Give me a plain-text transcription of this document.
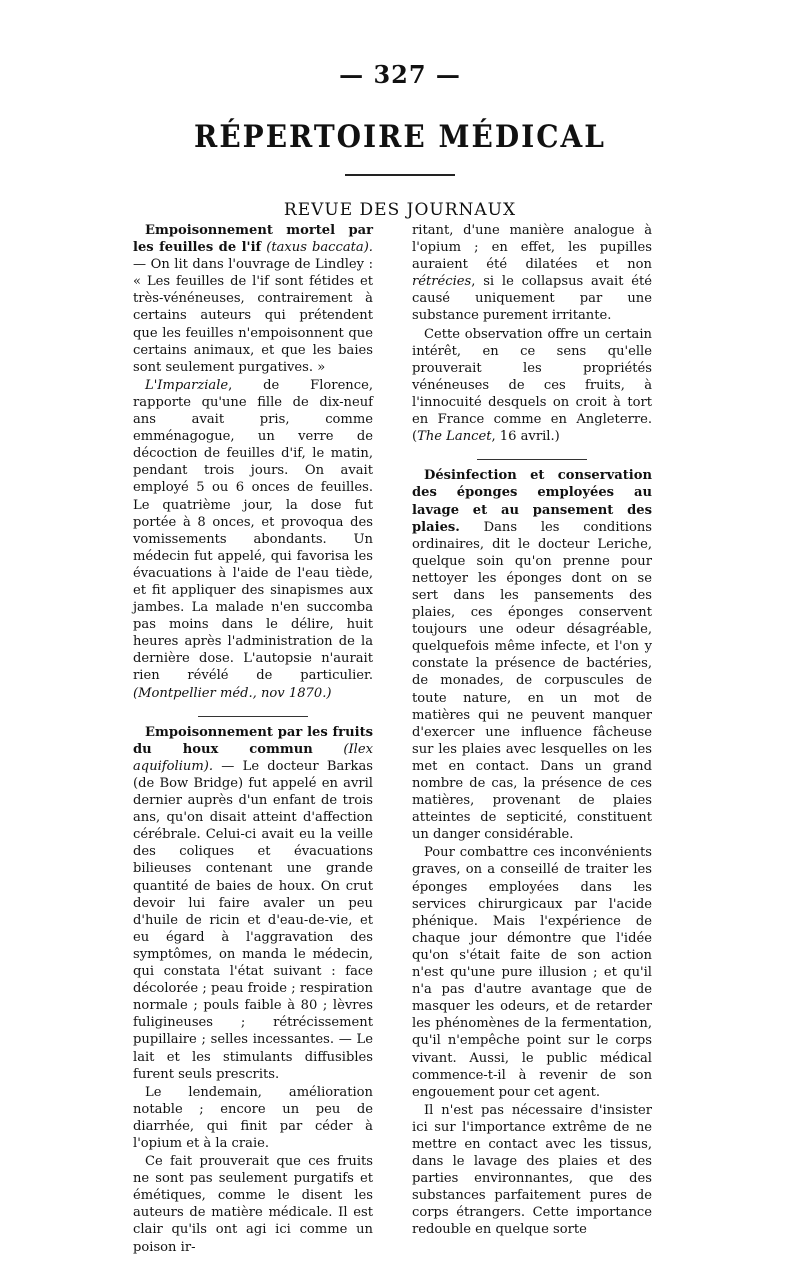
— 327 —
RÉPERTOIRE MÉDICAL
REVUE DES JOURNAUX

Empoisonnement mortel par les feuilles de l'if (taxus baccata). — On lit dans l'ouvrage de Lindley : « Les feuilles de l'if sont fétides et très-vénéneuses, contrairement à certains auteurs qui prétendent que les feuilles n'empoisonnent que certains animaux, et que les baies sont seulement purgatives. »

L'Imparziale, de Florence, rapporte qu'une fille de dix-neuf ans avait pris, comme emménagogue, un verre de décoction de feuilles d'if, le matin, pendant trois jours. On avait employé 5 ou 6 onces de feuilles. Le quatrième jour, la dose fut portée à 8 onces, et provoqua des vomissements abondants. Un médecin fut appelé, qui favorisa les évacuations à l'aide de l'eau tiède, et fit appliquer des sinapismes aux jambes. La malade n'en succomba pas moins dans le délire, huit heures après l'administration de la dernière dose. L'autopsie n'aurait rien révélé de particulier. (Montpellier méd., nov 1870.)

Empoisonnement par les fruits du houx commun (Ilex aquifolium). — Le docteur Barkas (de Bow Bridge) fut appelé en avril dernier auprès d'un enfant de trois ans, qu'on disait atteint d'affection cérébrale. Celui-ci avait eu la veille des coliques et évacuations bilieuses contenant une grande quantité de baies de houx. On crut devoir lui faire avaler un peu d'huile de ricin et d'eau-de-vie, et eu égard à l'aggravation des symptômes, on manda le médecin, qui constata l'état suivant : face décolorée ; peau froide ; respiration normale ; pouls faible à 80 ; lèvres fuligineuses ; rétrécissement pupillaire ; selles incessantes. — Le lait et les stimulants diffusibles furent seuls prescrits.

Le lendemain, amélioration notable ; encore un peu de diarrhée, qui finit par céder à l'opium et à la craie.

Ce fait prouverait que ces fruits ne sont pas seulement purgatifs et émétiques, comme le disent les auteurs de matière médicale. Il est clair qu'ils ont agi ici comme un poison ir-

ritant, d'une manière analogue à l'opium ; en effet, les pupilles auraient été dilatées et non rétrécies, si le collapsus avait été causé uniquement par une substance purement irritante.

Cette observation offre un certain intérêt, en ce sens qu'elle prouverait les propriétés vénéneuses de ces fruits, à l'innocuité desquels on croit à tort en France comme en Angleterre. (The Lancet, 16 avril.)

Désinfection et conservation des éponges employées au lavage et au pansement des plaies. Dans les conditions ordinaires, dit le docteur Leriche, quelque soin qu'on prenne pour nettoyer les éponges dont on se sert dans les pansements des plaies, ces éponges conservent toujours une odeur désagréable, quelquefois même infecte, et l'on y constate la présence de bactéries, de monades, de corpuscules de toute nature, en un mot de matières qui ne peuvent manquer d'exercer une influence fâcheuse sur les plaies avec lesquelles on les met en contact. Dans un grand nombre de cas, la présence de ces matières, provenant de plaies atteintes de septicité, constituent un danger considérable.

Pour combattre ces inconvénients graves, on a conseillé de traiter les éponges employées dans les services chirurgicaux par l'acide phénique. Mais l'expérience de chaque jour démontre que l'idée qu'on s'était faite de son action n'est qu'une pure illusion ; et qu'il n'a pas d'autre avantage que de masquer les odeurs, et de retarder les phénomènes de la fermentation, qu'il n'empêche point sur le corps vivant. Aussi, le public médical commence-t-il à revenir de son engouement pour cet agent.

Il n'est pas nécessaire d'insister ici sur l'importance extrême de ne mettre en contact avec les tissus, dans le lavage des plaies et des parties environnantes, que des substances parfaitement pures de corps étrangers. Cette importance redouble en quelque sorte
